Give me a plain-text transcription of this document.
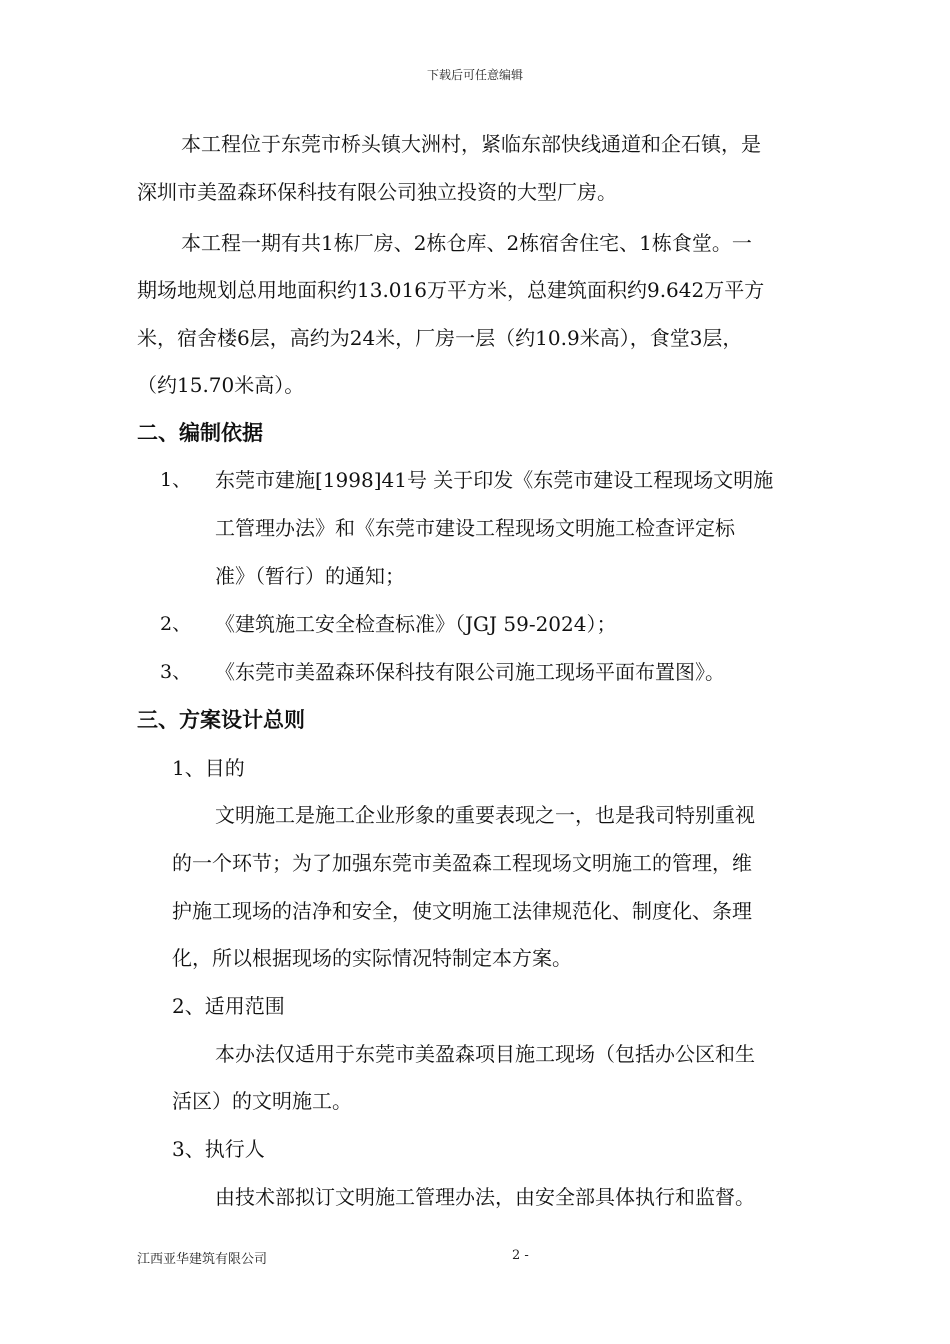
下载后可任意编辑
本工程位于东莞市桥头镇大洲村，紧临东部快线通道和企石镇，是
深圳市美盈森环保科技有限公司独立投资的大型厂房。
本工程一期有共1栋厂房、2栋仓库、2栋宿舍住宅、1栋食堂。一
期场地规划总用地面积约13.016万平方米，总建筑面积约9.642万平方
米，宿舍楼6层，高约为24米，厂房一层（约10.9米高），食堂3层，
（约15.70米高）。
二、编制依据
1、 东莞市建施[1998]41号 关于印发《东莞市建设工程现场文明施
工管理办法》和《东莞市建设工程现场文明施工检查评定标
准》（暂行）的通知；
2、 《建筑施工安全检查标准》（JGJ 59-2024）；
3、 《东莞市美盈森环保科技有限公司施工现场平面布置图》。
三、方案设计总则
1、目的
文明施工是施工企业形象的重要表现之一，也是我司特别重视
的一个环节；为了加强东莞市美盈森工程现场文明施工的管理，维
护施工现场的洁净和安全，使文明施工法律规范化、制度化、条理
化，所以根据现场的实际情况特制定本方案。
2、适用范围
本办法仅适用于东莞市美盈森项目施工现场（包括办公区和生
活区）的文明施工。
3、执行人
由技术部拟订文明施工管理办法，由安全部具体执行和监督。
江西亚华建筑有限公司	2 -
